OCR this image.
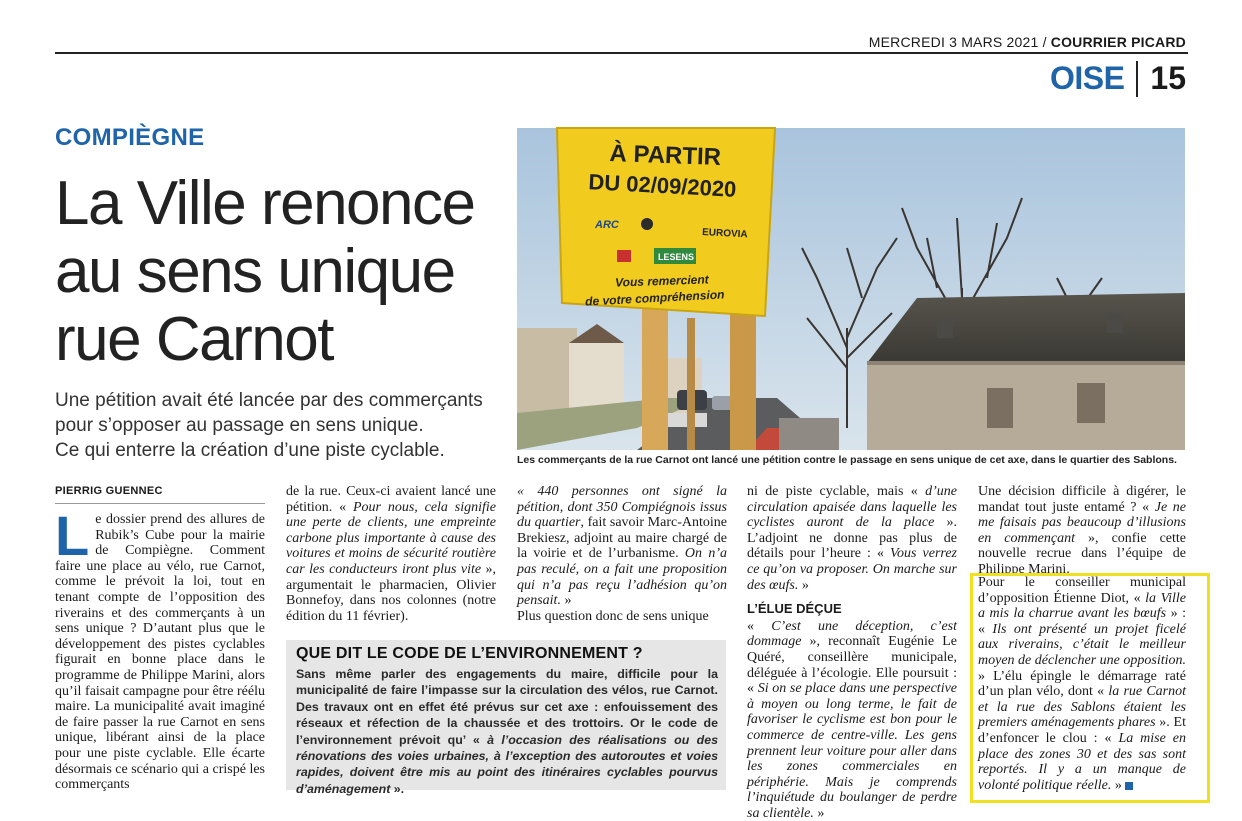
MERCREDI 3 MARS 2021 / COURRIER PICARD
OISE 15
COMPIÈGNE
La Ville renonce au sens unique rue Carnot
Une pétition avait été lancée par des commerçants pour s’opposer au passage en sens unique.
Ce qui enterre la création d’une piste cyclable.
À PARTIR
DU 02/09/2020
ARC
EUROVIA
LESENS
Vous remercient
de votre compréhension
Les commerçants de la rue Carnot ont lancé une pétition contre le passage en sens unique de cet axe, dans le quartier des Sablons.
PIERRIG GUENNEC
Le dossier prend des allures de Rubik’s Cube pour la mairie de Compiègne. Comment faire une place au vélo, rue Carnot, comme le prévoit la loi, tout en tenant compte de l’opposition des riverains et des commerçants à un sens unique ? D’autant plus que le développement des pistes cyclables figurait en bonne place dans le programme de Philippe Marini, alors qu’il faisait campagne pour être réélu maire. La municipalité avait imaginé de faire passer la rue Carnot en sens unique, libérant ainsi de la place pour une piste cyclable. Elle écarte désormais ce scénario qui a crispé les commerçants
de la rue. Ceux-ci avaient lancé une pétition. « Pour nous, cela signifie une perte de clients, une empreinte carbone plus importante à cause des voitures et moins de sécurité routière car les conducteurs iront plus vite », argumentait le pharmacien, Olivier Bonnefoy, dans nos colonnes (notre édition du 11 février).
« 440 personnes ont signé la pétition, dont 350 Compiégnois issus du quartier, fait savoir Marc-Antoine Brekiesz, adjoint au maire chargé de la voirie et de l’urbanisme. On n’a pas reculé, on a fait une proposition qui n’a pas reçu l’adhésion qu’on pensait. »
Plus question donc de sens unique
QUE DIT LE CODE DE L’ENVIRONNEMENT ?
Sans même parler des engagements du maire, difficile pour la municipalité de faire l’impasse sur la circulation des vélos, rue Carnot. Des travaux ont en effet été prévus sur cet axe : enfouissement des réseaux et réfection de la chaussée et des trottoirs. Or le code de l’environnement prévoit qu’ « à l’occasion des réalisations ou des rénovations des voies urbaines, à l’exception des autoroutes et voies rapides, doivent être mis au point des itinéraires cyclables pourvus d’aménagement ».
ni de piste cyclable, mais « d’une circulation apaisée dans laquelle les cyclistes auront de la place ». L’adjoint ne donne pas plus de détails pour l’heure : « Vous verrez ce qu’on va proposer. On marche sur des œufs. »
L’ÉLUE DÉÇUE
« C’est une déception, c’est dommage », reconnaît Eugénie Le Quéré, conseillère municipale, déléguée à l’écologie. Elle poursuit : « Si on se place dans une perspective à moyen ou long terme, le fait de favoriser le cyclisme est bon pour le commerce de centre-ville. Les gens prennent leur voiture pour aller dans les zones commerciales en périphérie. Mais je comprends l’inquiétude du boulanger de perdre sa clientèle. »
Une décision difficile à digérer, le mandat tout juste entamé ? « Je ne me faisais pas beaucoup d’illusions en commençant », confie cette nouvelle recrue dans l’équipe de Philippe Marini.
Pour le conseiller municipal d’opposition Étienne Diot, « la Ville a mis la charrue avant les bœufs » : « Ils ont présenté un projet ficelé aux riverains, c’était le meilleur moyen de déclencher une opposition. » L’élu épingle le démarrage raté d’un plan vélo, dont « la rue Carnot et la rue des Sablons étaient les premiers aménagements phares ». Et d’enfoncer le clou : « La mise en place des zones 30 et des sas sont reportés. Il y a un manque de volonté politique réelle. »
